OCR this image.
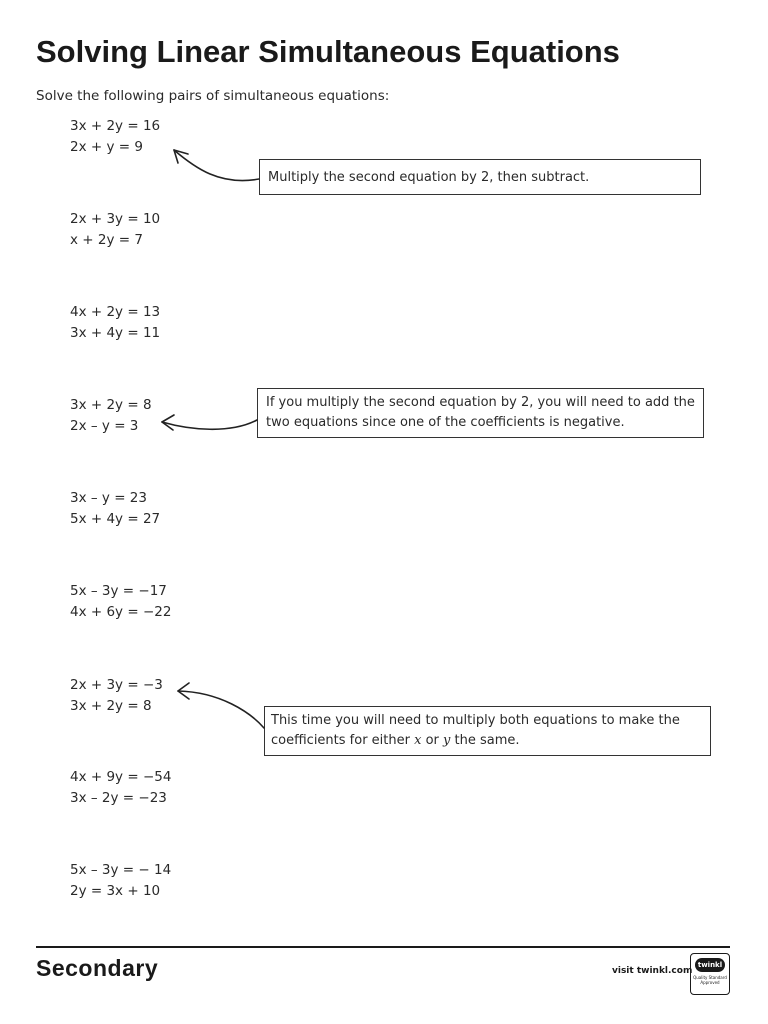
Solving Linear Simultaneous Equations
Solve the following pairs of simultaneous equations:
3x + 2y = 16
2x + y = 9
2x + 3y = 10
x + 2y = 7
4x + 2y = 13
3x + 4y = 11
3x + 2y = 8
2x – y = 3
3x – y = 23
5x + 4y = 27
5x – 3y = −17
4x + 6y = −22
2x + 3y = −3
3x + 2y = 8
4x + 9y = −54
3x – 2y = −23
5x – 3y = − 14
2y = 3x + 10
Multiply the second equation by 2, then subtract.
If you multiply the second equation by 2, you will need to add the two equations since one of the coefficients is negative.
This time you will need to multiply both equations to make the coefficients for either x or y the same.
Secondary	visit twinkl.com
twinkl
Quality Standard Approved
